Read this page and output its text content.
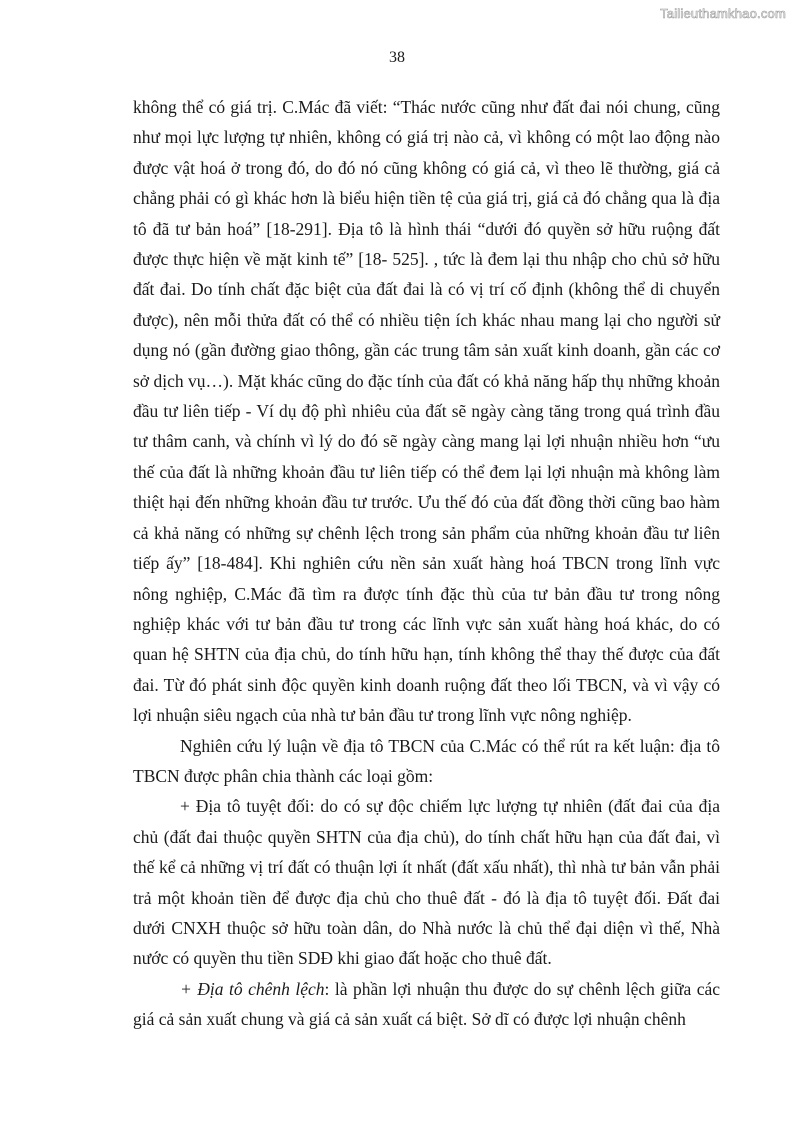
Tailieuthamkhao.com
38

không thể có giá trị. C.Mác đã viết: “Thác nước cũng như đất đai nói chung, cũng như mọi lực lượng tự nhiên, không có giá trị nào cả, vì không có một lao động nào được vật hoá ở trong đó, do đó nó cũng không có giá cả, vì theo lẽ thường, giá cả chẳng phải có gì khác hơn là biểu hiện tiền tệ của giá trị, giá cả đó chẳng qua là địa tô đã tư bản hoá” [18-291]. Địa tô là hình thái “dưới đó quyền sở hữu ruộng đất được thực hiện về mặt kinh tế” [18- 525]. , tức là đem lại thu nhập cho chủ sở hữu đất đai. Do tính chất đặc biệt của đất đai là có vị trí cố định (không thể di chuyển được), nên mỗi thửa đất có thể có nhiều tiện ích khác nhau mang lại cho người sử dụng nó (gần đường giao thông, gần các trung tâm sản xuất kinh doanh, gần các cơ sở dịch vụ…). Mặt khác cũng do đặc tính của đất có khả năng hấp thụ những khoản đầu tư liên tiếp - Ví dụ độ phì nhiêu của đất sẽ ngày càng tăng trong quá trình đầu tư thâm canh, và chính vì lý do đó sẽ ngày càng mang lại lợi nhuận nhiều hơn “ưu thế của đất là những khoản đầu tư liên tiếp có thể đem lại lợi nhuận mà không làm thiệt hại đến những khoản đầu tư trước. Ưu thế đó của đất đồng thời cũng bao hàm cả khả năng có những sự chênh lệch trong sản phẩm của những khoản đầu tư liên tiếp ấy” [18-484]. Khi nghiên cứu nền sản xuất hàng hoá TBCN trong lĩnh vực nông nghiệp, C.Mác đã tìm ra được tính đặc thù của tư bản đầu tư trong nông nghiệp khác với tư bản đầu tư trong các lĩnh vực sản xuất hàng hoá khác, do có quan hệ SHTN của địa chủ, do tính hữu hạn, tính không thể thay thế được của đất đai. Từ đó phát sinh độc quyền kinh doanh ruộng đất theo lối TBCN, và vì vậy có lợi nhuận siêu ngạch của nhà tư bản đầu tư trong lĩnh vực nông nghiệp.

Nghiên cứu lý luận về địa tô TBCN của C.Mác có thể rút ra kết luận: địa tô TBCN được phân chia thành các loại gồm:

+ Địa tô tuyệt đối: do có sự độc chiếm lực lượng tự nhiên (đất đai của địa chủ (đất đai thuộc quyền SHTN của địa chủ), do tính chất hữu hạn của đất đai, vì thế kể cả những vị trí đất có thuận lợi ít nhất (đất xấu nhất), thì nhà tư bản vẫn phải trả một khoản tiền để được địa chủ cho thuê đất - đó là địa tô tuyệt đối. Đất đai dưới CNXH thuộc sở hữu toàn dân, do Nhà nước là chủ thể đại diện vì thế, Nhà nước có quyền thu tiền SDĐ khi giao đất hoặc cho thuê đất.

+ Địa tô chênh lệch: là phần lợi nhuận thu được do sự chênh lệch giữa các giá cả sản xuất chung và giá cả sản xuất cá biệt. Sở dĩ có được lợi nhuận chênh
